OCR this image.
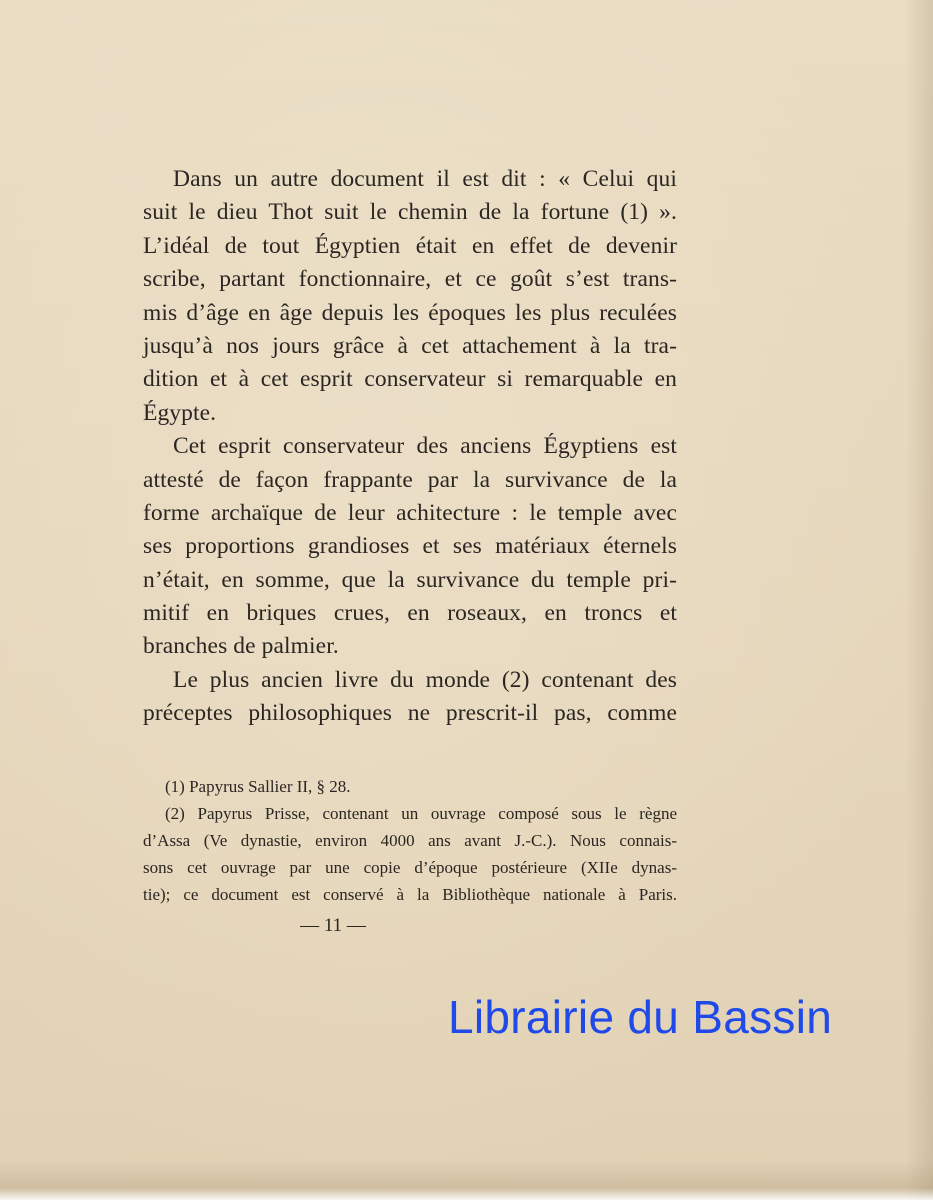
Dans un autre document il est dit : « Celui qui
suit le dieu Thot suit le chemin de la fortune (1) ».
L’idéal de tout Égyptien était en effet de devenir
scribe, partant fonctionnaire, et ce goût s’est trans-
mis d’âge en âge depuis les époques les plus reculées
jusqu’à nos jours grâce à cet attachement à la tra-
dition et à cet esprit conservateur si remarquable en
Égypte.
Cet esprit conservateur des anciens Égyptiens est
attesté de façon frappante par la survivance de la
forme archaïque de leur achitecture : le temple avec
ses proportions grandioses et ses matériaux éternels
n’était, en somme, que la survivance du temple pri-
mitif en briques crues, en roseaux, en troncs et
branches de palmier.
Le plus ancien livre du monde (2) contenant des
préceptes philosophiques ne prescrit-il pas, comme
(1) Papyrus Sallier II, § 28.
(2) Papyrus Prisse, contenant un ouvrage composé sous le règne
d’Assa (Ve dynastie, environ 4000 ans avant J.-C.). Nous connais-
sons cet ouvrage par une copie d’époque postérieure (XIIe dynas-
tie); ce document est conservé à la Bibliothèque nationale à Paris.
— 11 —
Librairie du Bassin
